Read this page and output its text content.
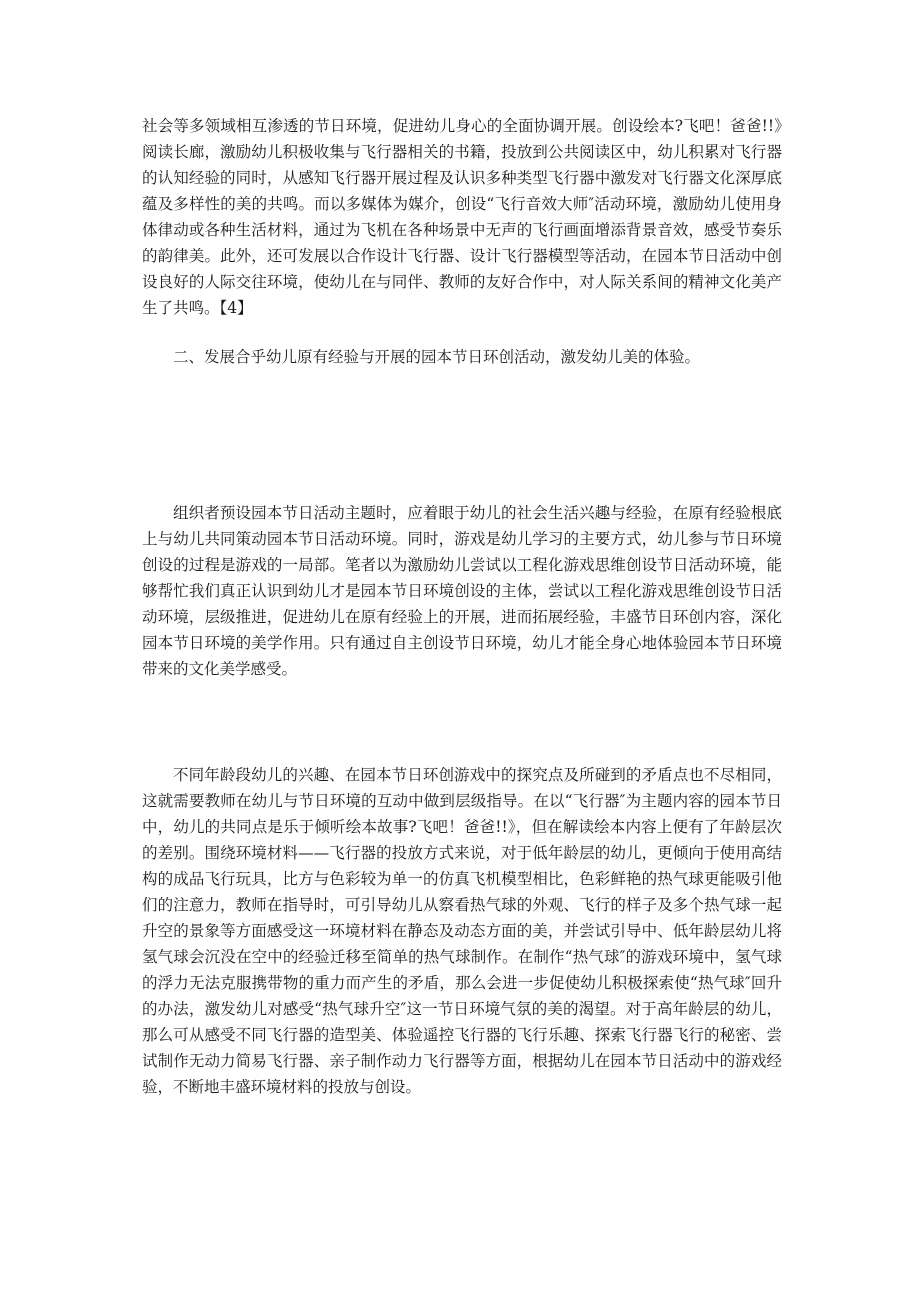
社会等多领域相互渗透的节日环境，促进幼儿身心的全面协调开展。创设绘本?飞吧！爸爸!!》阅读长廊，激励幼儿积极收集与飞行器相关的书籍，投放到公共阅读区中，幼儿积累对飞行器的认知经验的同时，从感知飞行器开展过程及认识多种类型飞行器中激发对飞行器文化深厚底蕴及多样性的美的共鸣。而以多媒体为媒介，创设“飞行音效大师″活动环境，激励幼儿使用身体律动或各种生活材料，通过为飞机在各种场景中无声的飞行画面增添背景音效，感受节奏乐的韵律美。此外，还可发展以合作设计飞行器、设计飞行器模型等活动，在园本节日活动中创设良好的人际交往环境，使幼儿在与同伴、教师的友好合作中，对人际关系间的精神文化美产生了共鸣。【4】

二、发展合乎幼儿原有经验与开展的园本节日环创活动，激发幼儿美的体验。

组织者预设园本节日活动主题时，应着眼于幼儿的社会生活兴趣与经验，在原有经验根底上与幼儿共同策动园本节日活动环境。同时，游戏是幼儿学习的主要方式，幼儿参与节日环境创设的过程是游戏的一局部。笔者以为激励幼儿尝试以工程化游戏思维创设节日活动环境，能够帮忙我们真正认识到幼儿才是园本节日环境创设的主体，尝试以工程化游戏思维创设节日活动环境，层级推进，促进幼儿在原有经验上的开展，进而拓展经验，丰盛节日环创内容，深化园本节日环境的美学作用。只有通过自主创设节日环境，幼儿才能全身心地体验园本节日环境带来的文化美学感受。

不同年龄段幼儿的兴趣、在园本节日环创游戏中的探究点及所碰到的矛盾点也不尽相同，这就需要教师在幼儿与节日环境的互动中做到层级指导。在以“飞行器″为主题内容的园本节日中，幼儿的共同点是乐于倾听绘本故事?飞吧！爸爸!!》，但在解读绘本内容上便有了年龄层次的差别。围绕环境材料——飞行器的投放方式来说，对于低年龄层的幼儿，更倾向于使用高结构的成品飞行玩具，比方与色彩较为单一的仿真飞机模型相比，色彩鲜艳的热气球更能吸引他们的注意力，教师在指导时，可引导幼儿从察看热气球的外观、飞行的样子及多个热气球一起升空的景象等方面感受这一环境材料在静态及动态方面的美，并尝试引导中、低年龄层幼儿将氢气球会沉没在空中的经验迁移至简单的热气球制作。在制作“热气球″的游戏环境中，氢气球的浮力无法克服携带物的重力而产生的矛盾，那么会进一步促使幼儿积极探索使“热气球″回升的办法，激发幼儿对感受“热气球升空″这一节日环境气氛的美的渴望。对于高年龄层的幼儿，那么可从感受不同飞行器的造型美、体验遥控飞行器的飞行乐趣、探索飞行器飞行的秘密、尝试制作无动力简易飞行器、亲子制作动力飞行器等方面，根据幼儿在园本节日活动中的游戏经验，不断地丰盛环境材料的投放与创设。
